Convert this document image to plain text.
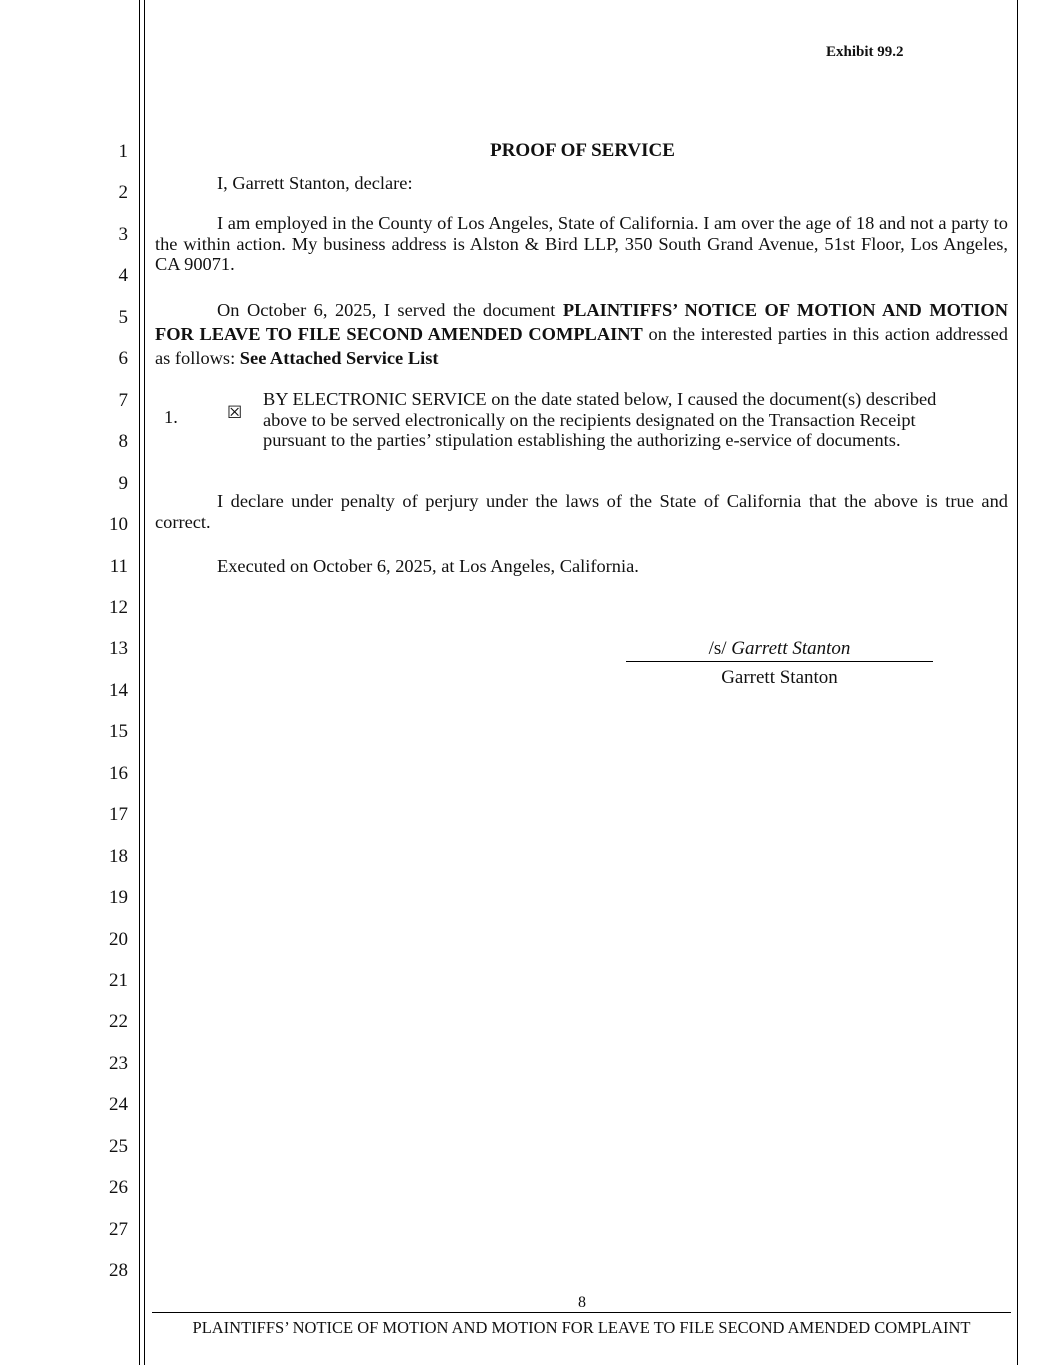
1
2
3
4
5
6
7
8
9
10
11
12
13
14
15
16
17
18
19
20
21
22
23
24
25
26
27
28
Exhibit 99.2
PROOF OF SERVICE
I, Garrett Stanton, declare:
I am employed in the County of Los Angeles, State of California. I am over the age of 18 and not a party to the within action. My business address is Alston & Bird LLP, 350 South Grand Avenue, 51st Floor, Los Angeles, CA 90071.
On October 6, 2025, I served the document PLAINTIFFS’ NOTICE OF MOTION AND MOTION FOR LEAVE TO FILE SECOND AMENDED COMPLAINT on the interested parties in this action addressed as follows: See Attached Service List
1.	☒
BY ELECTRONIC SERVICE on the date stated below, I caused the document(s) described above to be served electronically on the recipients designated on the Transaction Receipt pursuant to the parties’ stipulation establishing the authorizing e-service of documents.
I declare under penalty of perjury under the laws of the State of California that the above is true and correct.
Executed on October 6, 2025, at Los Angeles, California.
/s/ Garrett Stanton
Garrett Stanton
8
PLAINTIFFS’ NOTICE OF MOTION AND MOTION FOR LEAVE TO FILE SECOND AMENDED COMPLAINT
